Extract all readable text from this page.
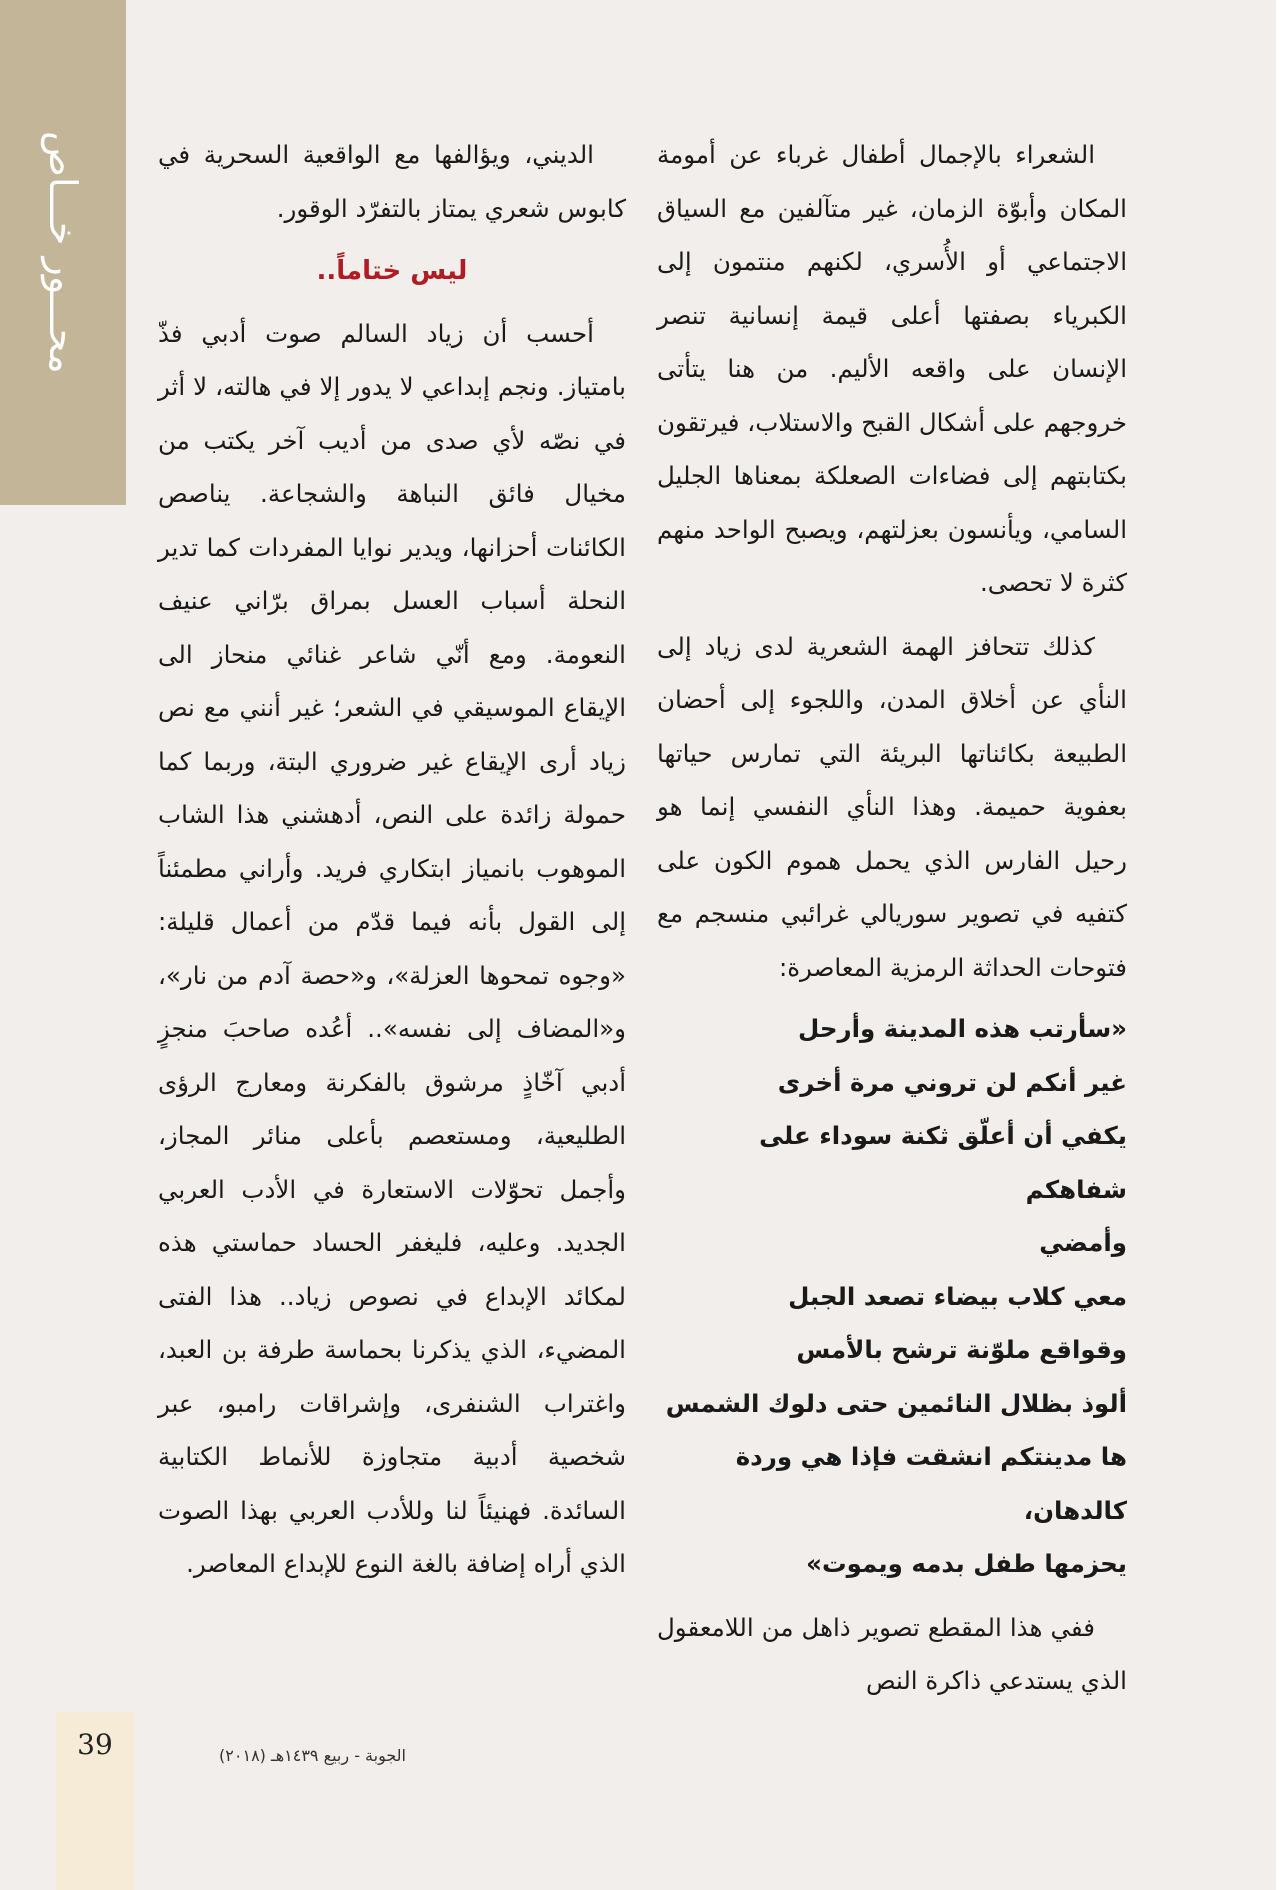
محـــور خـــاص	الشعراء بالإجمال أطفال غرباء عن أمومة المكان وأبوّة الزمان، غير متآلفين مع السياق الاجتماعي أو الأُسري، لكنهم منتمون إلى الكبرياء بصفتها أعلى قيمة إنسانية تنصر الإنسان على واقعه الأليم. من هنا يتأتى خروجهم على أشكال القبح والاستلاب، فيرتقون بكتابتهم إلى فضاءات الصعلكة بمعناها الجليل السامي، ويأنسون بعزلتهم، ويصبح الواحد منهم كثرة لا تحصى.

كذلك تتحافز الهمة الشعرية لدى زياد إلى النأي عن أخلاق المدن، واللجوء إلى أحضان الطبيعة بكائناتها البريئة التي تمارس حياتها بعفوية حميمة. وهذا النأي النفسي إنما هو رحيل الفارس الذي يحمل هموم الكون على كتفيه في تصوير سوريالي غرائبي منسجم مع فتوحات الحداثة الرمزية المعاصرة:

«سأرتب هذه المدينة وأرحل
غير أنكم لن تروني مرة أخرى
يكفي أن أعلّق ثكنة سوداء على شفاهكم
وأمضي
معي كلاب بيضاء تصعد الجبل
وقواقع ملوّنة ترشح بالأمس
ألوذ بظلال النائمين حتى دلوك الشمس
ها مدينتكم انشقت فإذا هي وردة
كالدهان،
يحزمها طفل بدمه ويموت»

ففي هذا المقطع تصوير ذاهل من اللامعقول الذي يستدعي ذاكرة النص

الديني، ويؤالفها مع الواقعية السحرية في كابوس شعري يمتاز بالتفرّد الوقور.

ليس ختاماً..

أحسب أن زياد السالم صوت أدبي فذّ بامتياز. ونجم إبداعي لا يدور إلا في هالته، لا أثر في نصّه لأي صدى من أديب آخر يكتب من مخيال فائق النباهة والشجاعة. يناصص الكائنات أحزانها، ويدير نوايا المفردات كما تدير النحلة أسباب العسل بمراق برّاني عنيف النعومة. ومع أنّي شاعر غنائي منحاز الى الإيقاع الموسيقي في الشعر؛ غير أنني مع نص زياد أرى الإيقاع غير ضروري البتة، وربما كما حمولة زائدة على النص، أدهشني هذا الشاب الموهوب بانمياز ابتكاري فريد. وأراني مطمئناً إلى القول بأنه فيما قدّم من أعمال قليلة: «وجوه تمحوها العزلة»، و«حصة آدم من نار»، و«المضاف إلى نفسه».. أعُده صاحبَ منجزٍ أدبي آخّاذٍ مرشوق بالفكرنة ومعارج الرؤى الطليعية، ومستعصم بأعلى منائر المجاز، وأجمل تحوّلات الاستعارة في الأدب العربي الجديد. وعليه، فليغفر الحساد حماستي هذه لمكائد الإبداع في نصوص زياد.. هذا الفتى المضيء، الذي يذكرنا بحماسة طرفة بن العبد، واغتراب الشنفرى، وإشراقات رامبو، عبر شخصية أدبية متجاوزة للأنماط الكتابية السائدة. فهنيئاً لنا وللأدب العربي بهذا الصوت الذي أراه إضافة بالغة النوع للإبداع المعاصر.

39	الجوبة - ربيع ١٤٣٩هـ (٢٠١٨)
